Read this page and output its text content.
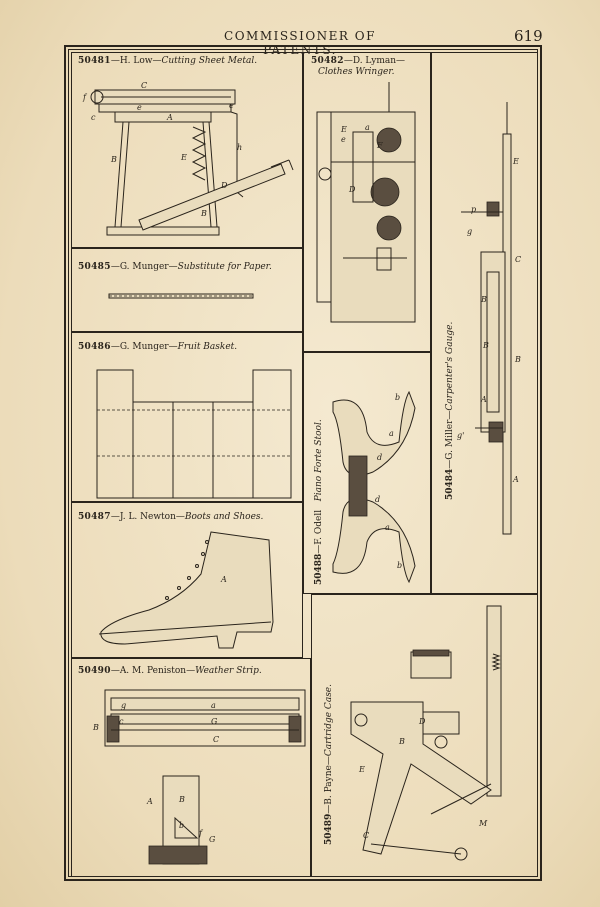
COMMISSIONER OF PATENTS.
619
50481—H. Low—Cutting Sheet Metal.
f
C
c
e
e
A
B	E
h
D
B
50485—G. Munger—Substitute for Paper.
50486—G. Munger—Fruit Basket.
50487—J. L. Newton—Boots and Shoes.
A
50490—A. M. Peniston—Weather Strip.
g	a
B
c	G
C
A	B
b
f
G
50482—D. Lyman—
Clothes Wringer.
E
e
a
F
D
50488—F. Odell   Piano Forte Stool.
b
a
d
d
a
b
50484—G. Miller—Carpenter's Gauge.
E
p
g
C
B
B
A
g'
B
A
50489—B. Payne—Cartridge Case.
E
B
C
M
D
